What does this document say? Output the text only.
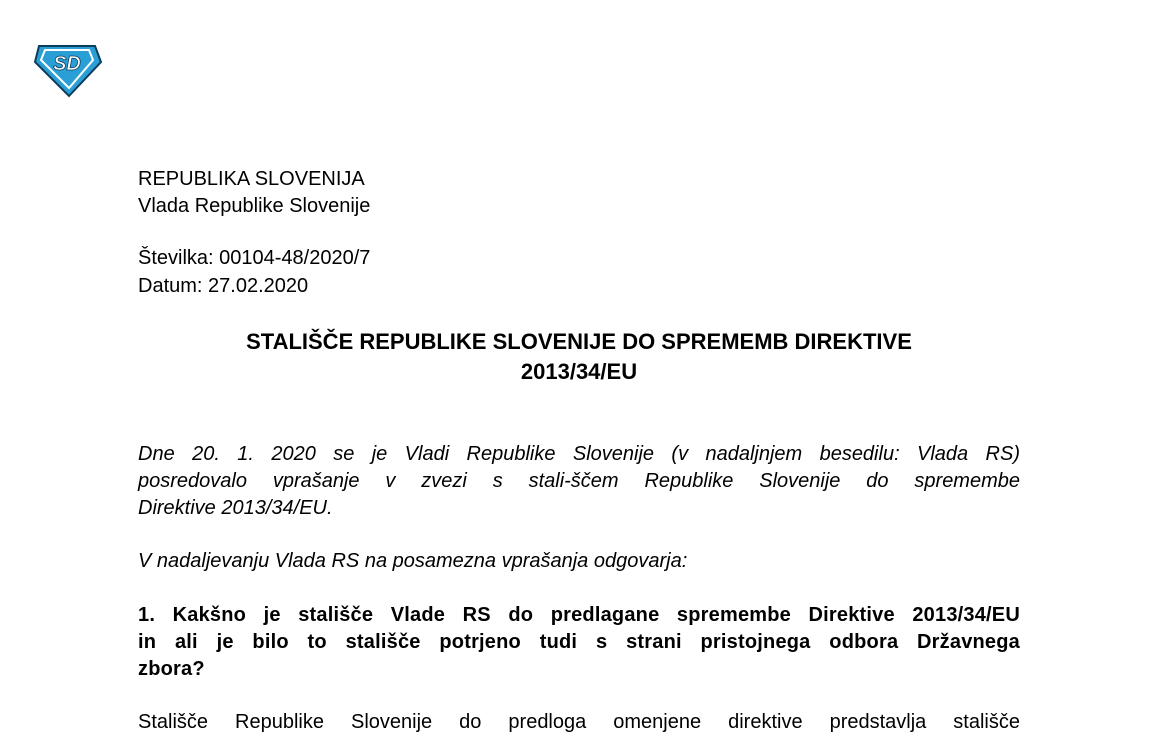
SD
REPUBLIKA SLOVENIJA
Vlada Republike Slovenije
Številka: 00104-48/2020/7
Datum: 27.02.2020
STALIŠČE REPUBLIKE SLOVENIJE DO SPREMEMB DIREKTIVE
2013/34/EU
Dne 20. 1. 2020 se je Vladi Republike Slovenije (v nadaljnjem besedilu: Vlada RS)
posredovalo vprašanje v zvezi s stali-ščem Republike Slovenije do spremembe
Direktive 2013/34/EU.
V nadaljevanju Vlada RS na posamezna vprašanja odgovarja:
1. Kakšno je stališče Vlade RS do predlagane spremembe Direktive 2013/34/EU
in ali je bilo to stališče potrjeno tudi s strani pristojnega odbora Državnega
zbora?
Stališče Republike Slovenije do predloga omenjene direktive predstavlja stališče
